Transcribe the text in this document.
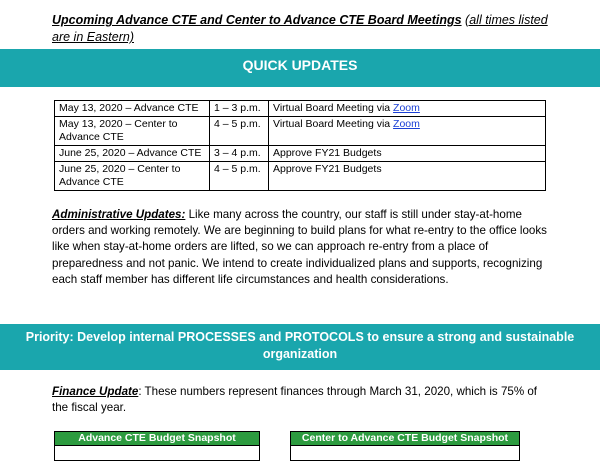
Upcoming Advance CTE and Center to Advance CTE Board Meetings (all times listed are in Eastern)
QUICK UPDATES
May 13, 2020 – Advance CTE	1 – 3 p.m.	Virtual Board Meeting via Zoom
May 13, 2020 – Center to Advance CTE	4 – 5 p.m.	Virtual Board Meeting via Zoom
June 25, 2020 – Advance CTE	3 – 4 p.m.	Approve FY21 Budgets
June 25, 2020 – Center to Advance CTE	4 – 5 p.m.	Approve FY21 Budgets
Administrative Updates: Like many across the country, our staff is still under stay-at-home orders and working remotely. We are beginning to build plans for what re-entry to the office looks like when stay-at-home orders are lifted, so we can approach re-entry from a place of preparedness and not panic. We intend to create individualized plans and supports, recognizing each staff member has different life circumstances and health considerations.
Priority: Develop internal PROCESSES and PROTOCOLS to ensure a strong and sustainable organization
Finance Update: These numbers represent finances through March 31, 2020, which is 75% of the fiscal year.
Advance CTE Budget Snapshot	Center to Advance CTE Budget Snapshot
